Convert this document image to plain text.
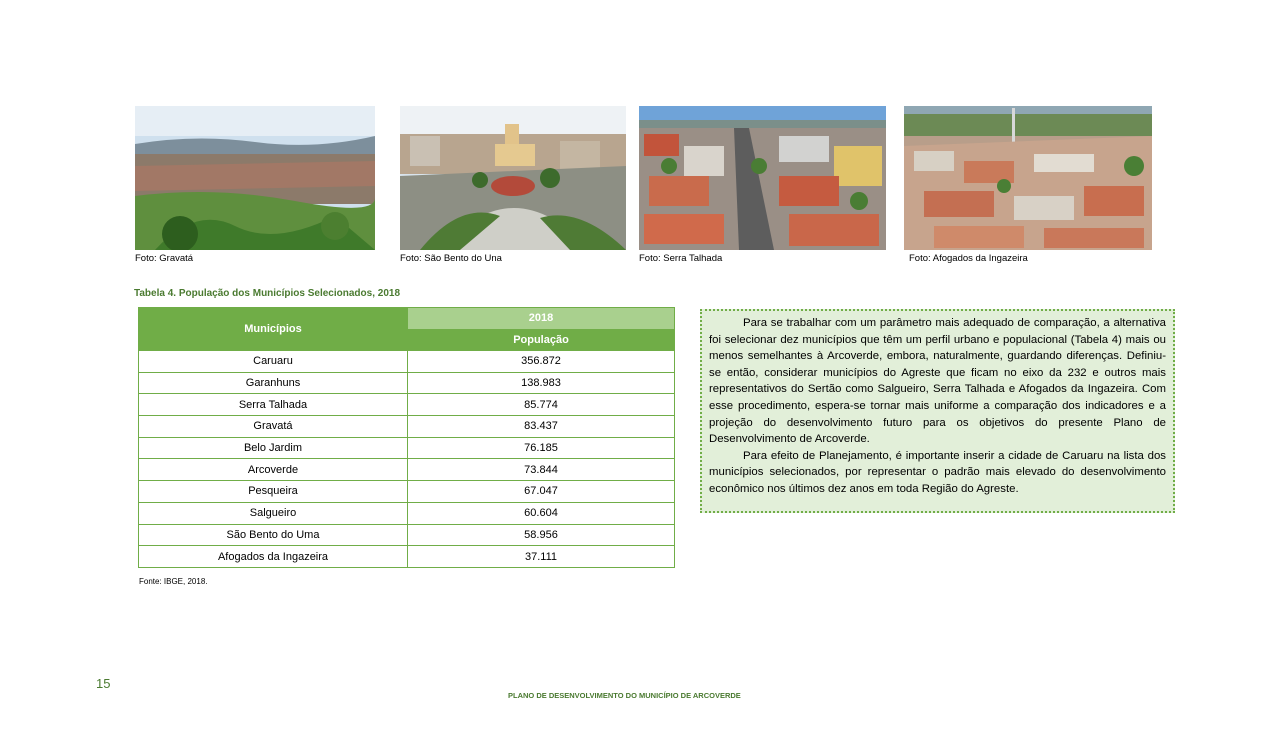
Foto: Gravatá	Foto: São Bento do Una	Foto: Serra Talhada	Foto: Afogados da Ingazeira
Tabela 4. População dos Municípios Selecionados, 2018
Municípios	2018
	População
Caruaru	356.872
Garanhuns	138.983
Serra Talhada	85.774
Gravatá	83.437
Belo Jardim	76.185
Arcoverde	73.844
Pesqueira	67.047
Salgueiro	60.604
São Bento do Uma	58.956
Afogados da Ingazeira	37.111
Fonte: IBGE, 2018.

Para se trabalhar com um parâmetro mais adequado de comparação, a alternativa foi selecionar dez municípios que têm um perfil urbano e populacional (Tabela 4) mais ou menos semelhantes à Arcoverde, embora, naturalmente, guardando diferenças. Definiu-se então, considerar municípios do Agreste que ficam no eixo da 232 e outros mais representativos do Sertão como Salgueiro, Serra Talhada e Afogados da Ingazeira. Com esse procedimento, espera-se tornar mais uniforme a comparação dos indicadores e a projeção do desenvolvimento futuro para os objetivos do presente Plano de Desenvolvimento de Arcoverde.

Para efeito de Planejamento, é importante inserir a cidade de Caruaru na lista dos municípios selecionados, por representar o padrão mais elevado do desenvolvimento econômico nos últimos dez anos em toda Região do Agreste.

15
PLANO DE DESENVOLVIMENTO DO MUNICÍPIO DE ARCOVERDE
